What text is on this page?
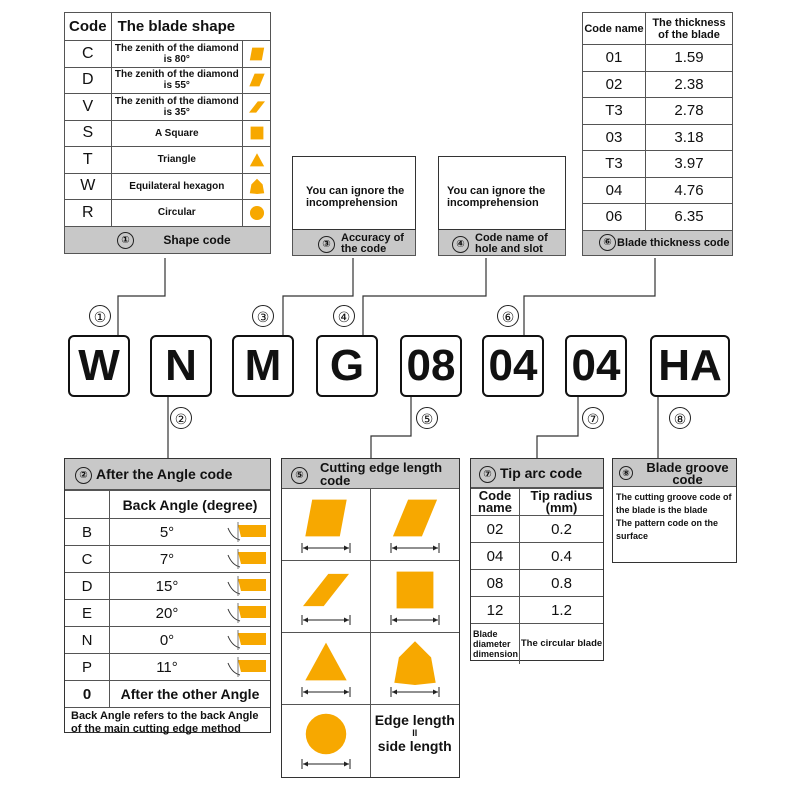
Code	The blade shape	
C	The zenith of the diamond is 80°	

D	The zenith of the diamond is 55°	

V	The zenith of the diamond is 35°	

S	A Square	

T	Triangle	

W	Equilateral hexagon	

R	Circular	
①	Shape code
You can ignore the incomprehension
③
Accuracy of the code
You can ignore the incomprehension
④
Code name of hole and slot
Code name	The thickness of the blade
01	1.59
02	2.38
T3	2.78
03	3.18
T3	3.97
04	4.76
06	6.35
⑥ Blade thickness code
①	③	④	⑥
W	N	M	G 08 04 04 HA
②	⑤	⑦	⑧
② After the Angle code
	Back Angle (degree)	
B	5°	

C	7°	

D	15°	

E	20°	

N	0°	

P	11°	

0	After the other Angle	
Back Angle refers to the back Angle of the main cutting edge method
⑤
Cutting edge length code
Edge length
II
side length
⑦ Tip arc code
Code name	Tip radius (mm)
02	0.2
04	0.4
08	0.8
12	1.2
Blade diameter dimension	The circular blade
⑧	Blade groove code
The cutting groove code of the blade is the blade
The pattern code on the surface
